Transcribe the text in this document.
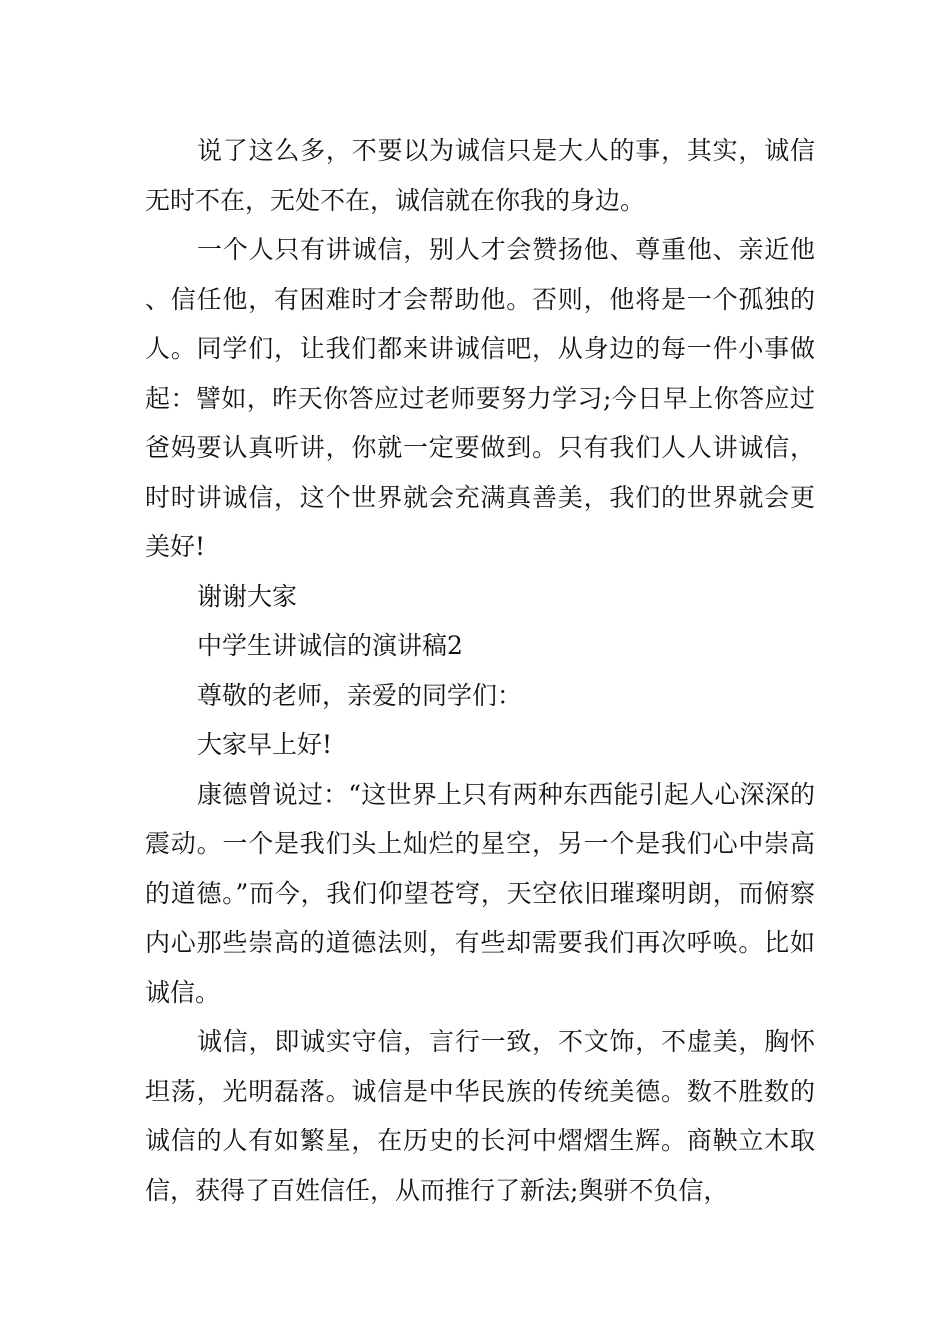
说了这么多，不要以为诚信只是大人的事，其实，诚信无时不在，无处不在，诚信就在你我的身边。

一个人只有讲诚信，别人才会赞扬他、尊重他、亲近他、信任他，有困难时才会帮助他。否则，他将是一个孤独的人。同学们，让我们都来讲诚信吧，从身边的每一件小事做起：譬如，昨天你答应过老师要努力学习;今日早上你答应过爸妈要认真听讲，你就一定要做到。只有我们人人讲诚信，时时讲诚信，这个世界就会充满真善美，我们的世界就会更美好!

谢谢大家

中学生讲诚信的演讲稿2

尊敬的老师，亲爱的同学们：

大家早上好!

康德曾说过：“这世界上只有两种东西能引起人心深深的震动。一个是我们头上灿烂的星空，另一个是我们心中崇高的道德。”而今，我们仰望苍穹，天空依旧璀璨明朗，而俯察内心那些崇高的道德法则，有些却需要我们再次呼唤。比如诚信。

诚信，即诚实守信，言行一致，不文饰，不虚美，胸怀坦荡，光明磊落。诚信是中华民族的传统美德。数不胜数的诚信的人有如繁星，在历史的长河中熠熠生辉。商鞅立木取信，获得了百姓信任，从而推行了新法;舆骈不负信，
